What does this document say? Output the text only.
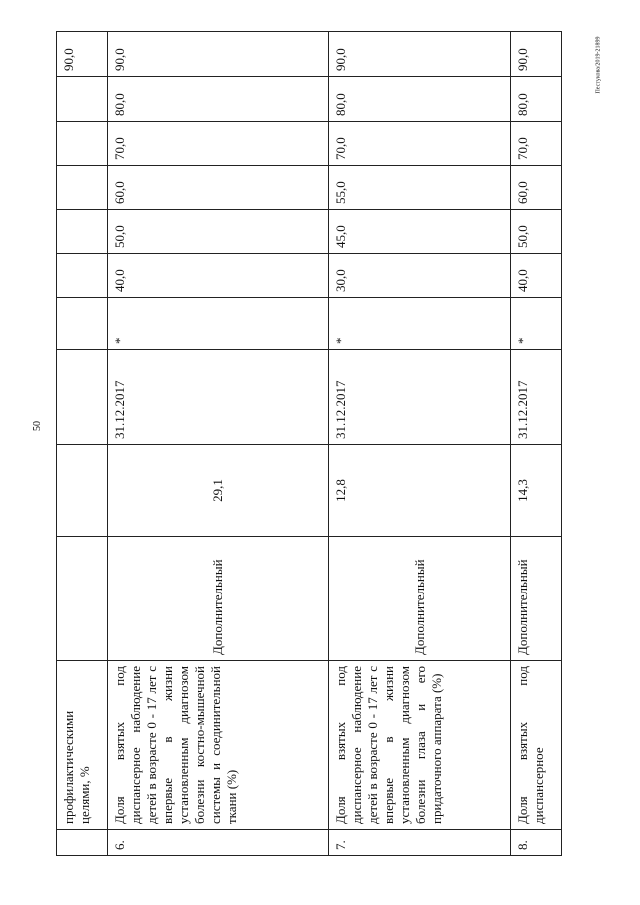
50
Пестукова/2019-21899
	профилактическими целями, %										90,0
6.	Доля взятых под диспансерное наблюдение детей в возрасте 0 - 17 лет с впервые в жизни установленным диагнозом болезни костно-мышечной системы и соединительной ткани (%)	Дополнительный	29,1	31.12.2017	*	40,0	50,0	60,0	70,0	80,0	90,0
7.	Доля взятых под диспансерное наблюдение детей в возрасте 0 - 17 лет с впервые в жизни установленным диагнозом болезни глаза и его придаточного аппарата (%)	Дополнительный	12,8	31.12.2017	*	30,0	45,0	55,0	70,0	80,0	90,0
8.	Доля взятых под диспансерное	Дополнительный	14,3	31.12.2017	*	40,0	50,0	60,0	70,0	80,0	90,0
